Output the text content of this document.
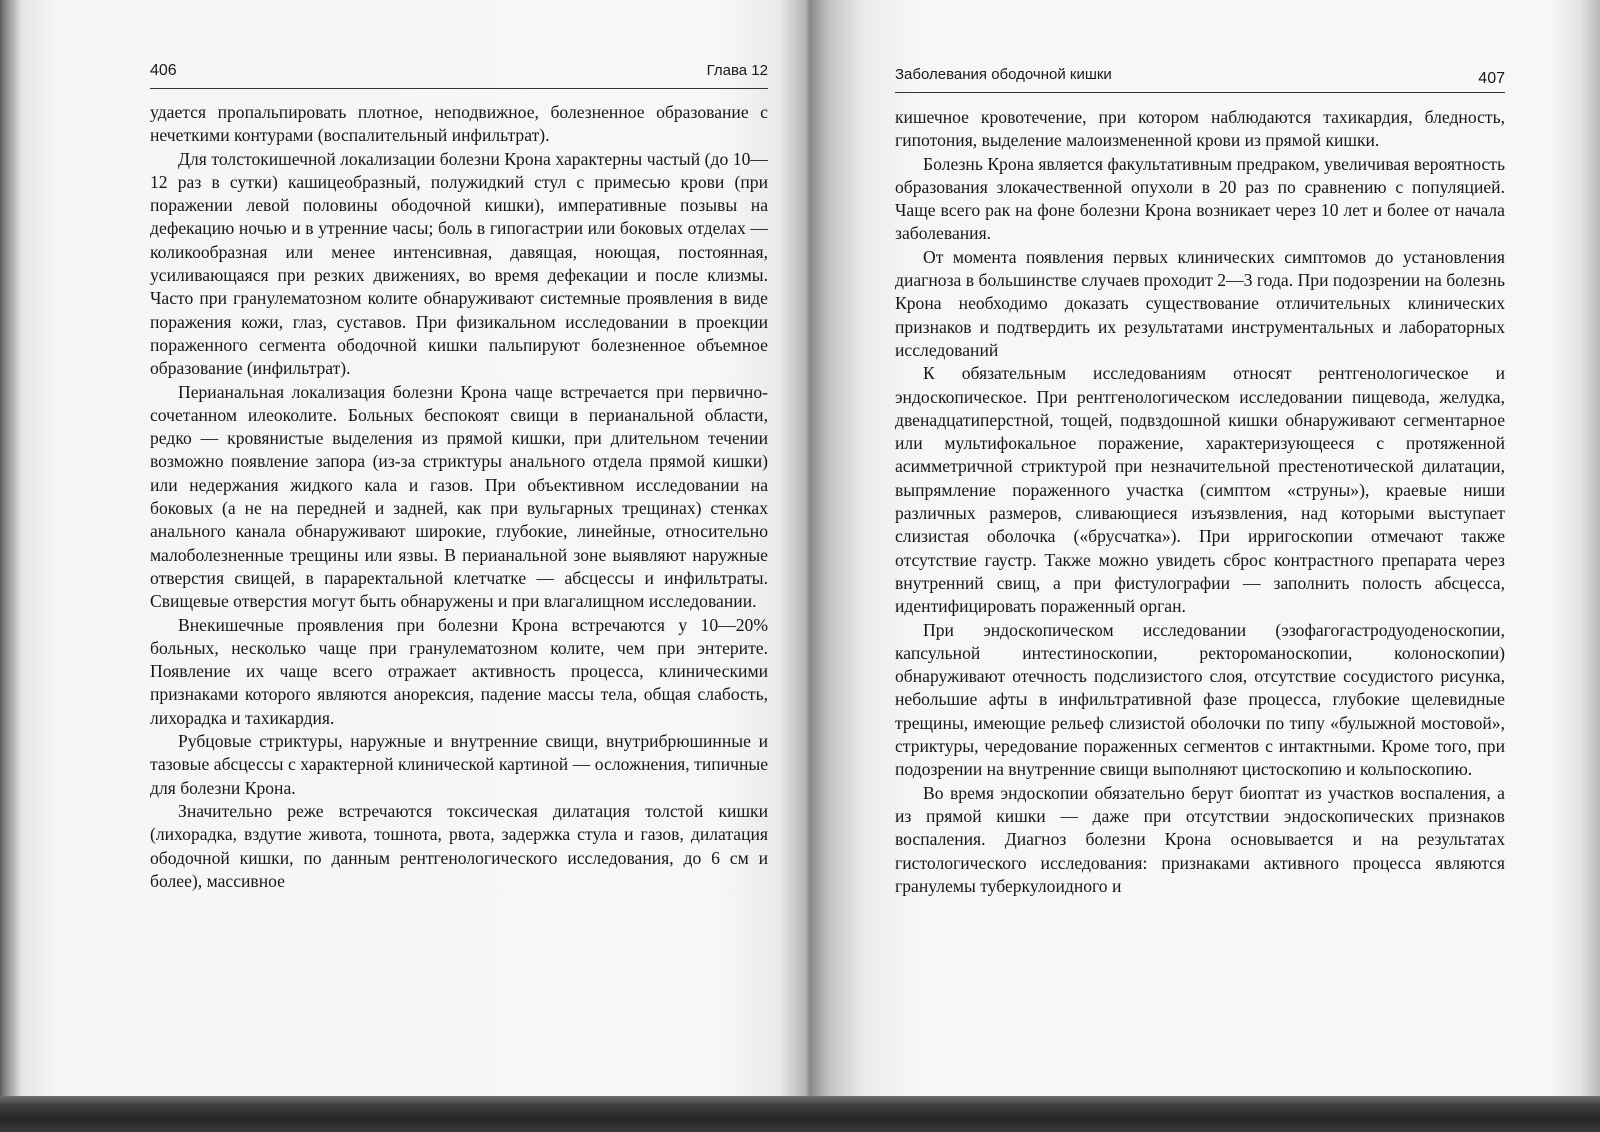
406	Глава 12

удается пропальпировать плотное, неподвижное, болезненное образование с нечеткими контурами (воспалительный инфильтрат).

Для толстокишечной локализации болезни Крона характерны частый (до 10—12 раз в сутки) кашицеобразный, полужидкий стул с примесью крови (при поражении левой половины ободочной кишки), императивные позывы на дефекацию ночью и в утренние часы; боль в гипогастрии или боковых отделах — коликообразная или менее интенсивная, давящая, ноющая, постоянная, усиливающаяся при резких движениях, во время дефекации и после клизмы. Часто при гранулематозном колите обнаруживают системные проявления в виде поражения кожи, глаз, суставов. При физикальном исследовании в проекции пораженного сегмента ободочной кишки пальпируют болезненное объемное образование (инфильтрат).

Перианальная локализация болезни Крона чаще встречается при первично-сочетанном илеоколите. Больных беспокоят свищи в перианальной области, редко — кровянистые выделения из прямой кишки, при длительном течении возможно появление запора (из-за стриктуры анального отдела прямой кишки) или недержания жидкого кала и газов. При объективном исследовании на боковых (а не на передней и задней, как при вульгарных трещинах) стенках анального канала обнаруживают широкие, глубокие, линейные, относительно малоболезненные трещины или язвы. В перианальной зоне выявляют наружные отверстия свищей, в параректальной клетчатке — абсцессы и инфильтраты. Свищевые отверстия могут быть обнаружены и при влагалищном исследовании.

Внекишечные проявления при болезни Крона встречаются у 10—20% больных, несколько чаще при гранулематозном колите, чем при энтерите. Появление их чаще всего отражает активность процесса, клиническими признаками которого являются анорексия, падение массы тела, общая слабость, лихорадка и тахикардия.

Рубцовые стриктуры, наружные и внутренние свищи, внутрибрюшинные и тазовые абсцессы с характерной клинической картиной — осложнения, типичные для болезни Крона.

Значительно реже встречаются токсическая дилатация толстой кишки (лихорадка, вздутие живота, тошнота, рвота, задержка стула и газов, дилатация ободочной кишки, по данным рентгенологического исследования, до 6 см и более), массивное

Заболевания ободочной кишки	407

кишечное кровотечение, при котором наблюдаются тахикардия, бледность, гипотония, выделение малоизмененной крови из прямой кишки.

Болезнь Крона является факультативным предраком, увеличивая вероятность образования злокачественной опухоли в 20 раз по сравнению с популяцией. Чаще всего рак на фоне болезни Крона возникает через 10 лет и более от начала заболевания.

От момента появления первых клинических симптомов до установления диагноза в большинстве случаев проходит 2—3 года. При подозрении на болезнь Крона необходимо доказать существование отличительных клинических признаков и подтвердить их результатами инструментальных и лабораторных исследований

К обязательным исследованиям относят рентгенологическое и эндоскопическое. При рентгенологическом исследовании пищевода, желудка, двенадцатиперстной, тощей, подвздошной кишки обнаруживают сегментарное или мультифокальное поражение, характеризующееся с протяженной асимметричной стриктурой при незначительной престенотической дилатации, выпрямление пораженного участка (симптом «струны»), краевые ниши различных размеров, сливающиеся изъязвления, над которыми выступает слизистая оболочка («брусчатка»). При ирригоскопии отмечают также отсутствие гаустр. Также можно увидеть сброс контрастного препарата через внутренний свищ, а при фистулографии — заполнить полость абсцесса, идентифицировать пораженный орган.

При эндоскопическом исследовании (эзофагогастродуоденоскопии, капсульной интестиноскопии, ректороманоскопии, колоноскопии) обнаруживают отечность подслизистого слоя, отсутствие сосудистого рисунка, небольшие афты в инфильтративной фазе процесса, глубокие щелевидные трещины, имеющие рельеф слизистой оболочки по типу «булыжной мостовой», стриктуры, чередование пораженных сегментов с интактными. Кроме того, при подозрении на внутренние свищи выполняют цистоскопию и кольпоскопию.

Во время эндоскопии обязательно берут биоптат из участков воспаления, а из прямой кишки — даже при отсутствии эндоскопических признаков воспаления. Диагноз болезни Крона основывается и на результатах гистологического исследования: признаками активного процесса являются гранулемы туберкулоидного и
